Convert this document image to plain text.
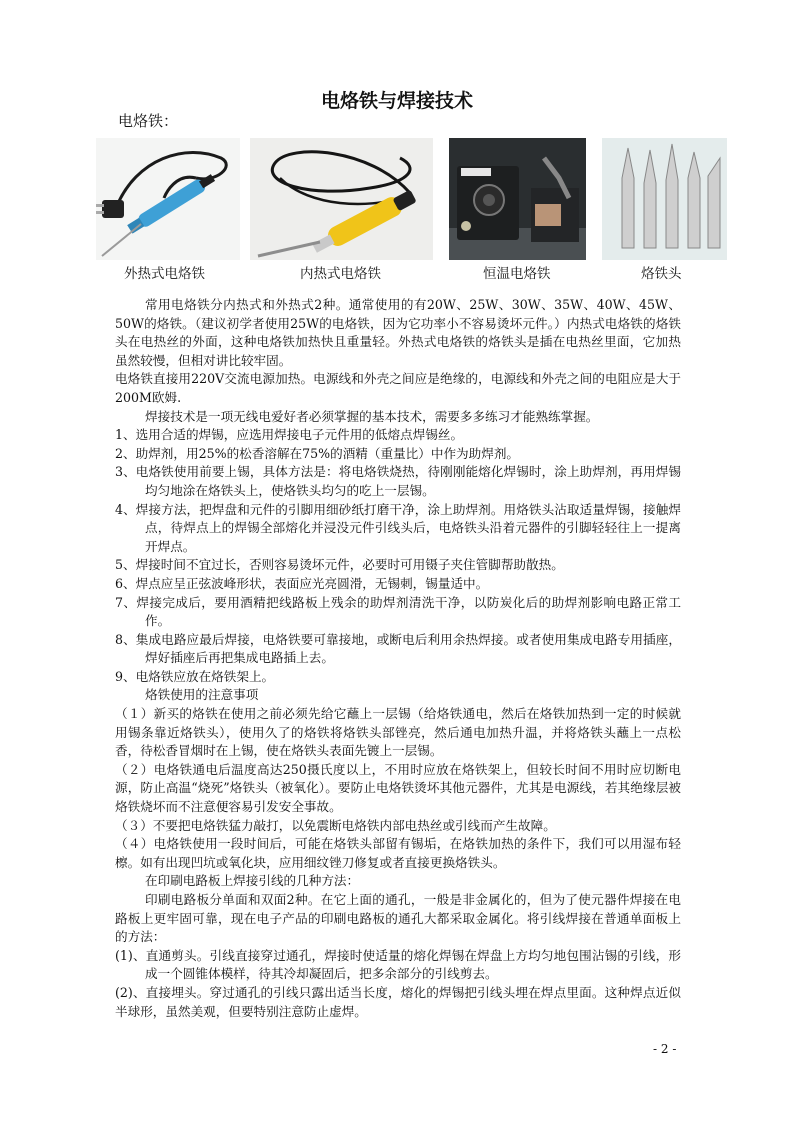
电烙铁与焊接技术
电烙铁：
外热式电烙铁	内热式电烙铁	恒温电烙铁	烙铁头

常用电烙铁分内热式和外热式2种。通常使用的有20W、25W、30W、35W、40W、45W、50W的烙铁。（建议初学者使用25W的电烙铁，因为它功率小不容易烫坏元件。）内热式电烙铁的烙铁头在电热丝的外面，这种电烙铁加热快且重量轻。外热式电烙铁的烙铁头是插在电热丝里面，它加热虽然较慢，但相对讲比较牢固。

电烙铁直接用220V交流电源加热。电源线和外壳之间应是绝缘的，电源线和外壳之间的电阻应是大于200M欧姆.

焊接技术是一项无线电爱好者必须掌握的基本技术，需要多多练习才能熟练掌握。

1、选用合适的焊锡，应选用焊接电子元件用的低熔点焊锡丝。

2、助焊剂，用25%的松香溶解在75%的酒精（重量比）中作为助焊剂。

3、电烙铁使用前要上锡，具体方法是：将电烙铁烧热，待刚刚能熔化焊锡时，涂上助焊剂，再用焊锡均匀地涂在烙铁头上，使烙铁头均匀的吃上一层锡。

4、焊接方法，把焊盘和元件的引脚用细砂纸打磨干净，涂上助焊剂。用烙铁头沾取适量焊锡，接触焊点，待焊点上的焊锡全部熔化并浸没元件引线头后，电烙铁头沿着元器件的引脚轻轻往上一提离开焊点。

5、焊接时间不宜过长，否则容易烫坏元件，必要时可用镊子夹住管脚帮助散热。

6、焊点应呈正弦波峰形状，表面应光亮圆滑，无锡刺，锡量适中。

7、焊接完成后，要用酒精把线路板上残余的助焊剂清洗干净，以防炭化后的助焊剂影响电路正常工作。

8、集成电路应最后焊接，电烙铁要可靠接地，或断电后利用余热焊接。或者使用集成电路专用插座，焊好插座后再把集成电路插上去。

9、电烙铁应放在烙铁架上。

烙铁使用的注意事项

（１）新买的烙铁在使用之前必须先给它蘸上一层锡（给烙铁通电，然后在烙铁加热到一定的时候就用锡条靠近烙铁头），使用久了的烙铁将烙铁头部锉亮，然后通电加热升温，并将烙铁头蘸上一点松香，待松香冒烟时在上锡，使在烙铁头表面先镀上一层锡。

（２）电烙铁通电后温度高达250摄氏度以上，不用时应放在烙铁架上，但较长时间不用时应切断电源，防止高温“烧死”烙铁头（被氧化）。要防止电烙铁烫坏其他元器件，尤其是电源线，若其绝缘层被烙铁烧坏而不注意便容易引发安全事故。

（３）不要把电烙铁猛力敲打，以免震断电烙铁内部电热丝或引线而产生故障。

（４）电烙铁使用一段时间后，可能在烙铁头部留有锡垢，在烙铁加热的条件下，我们可以用湿布轻檫。如有出现凹坑或氧化块，应用细纹锉刀修复或者直接更换烙铁头。

在印刷电路板上焊接引线的几种方法：

印刷电路板分单面和双面2种。在它上面的通孔，一般是非金属化的，但为了使元器件焊接在电路板上更牢固可靠，现在电子产品的印刷电路板的通孔大都采取金属化。将引线焊接在普通单面板上的方法：

(1)、直通剪头。引线直接穿过通孔，焊接时使适量的熔化焊锡在焊盘上方均匀地包围沾锡的引线，形成一个圆锥体模样，待其冷却凝固后，把多余部分的引线剪去。

(2)、直接埋头。穿过通孔的引线只露出适当长度，熔化的焊锡把引线头埋在焊点里面。这种焊点近似半球形，虽然美观，但要特别注意防止虚焊。

- 2 -
